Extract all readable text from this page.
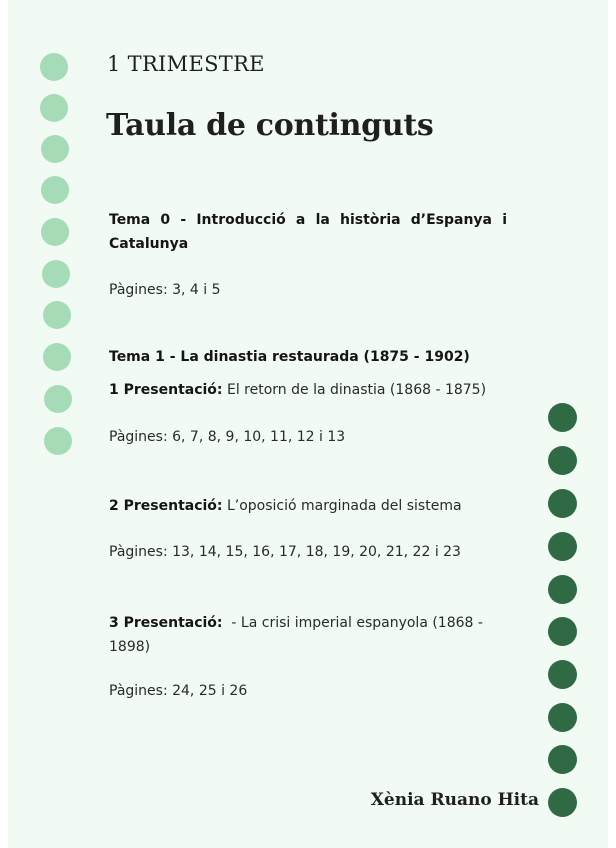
1 TRIMESTRE
Taula de continguts
Tema 0 - Introducció a la història d’Espanya i Catalunya
Pàgines: 3, 4 i 5
Tema 1 - La dinastia restaurada (1875 - 1902)
1 Presentació: El retorn de la dinastia (1868 - 1875)
Pàgines: 6, 7, 8, 9, 10, 11, 12 i 13
2 Presentació: L’oposició marginada del sistema
Pàgines: 13, 14, 15, 16, 17, 18, 19, 20, 21, 22 i 23
3 Presentació:  - La crisi imperial espanyola (1868 - 1898)
Pàgines: 24, 25 i 26
Xènia Ruano Hita
